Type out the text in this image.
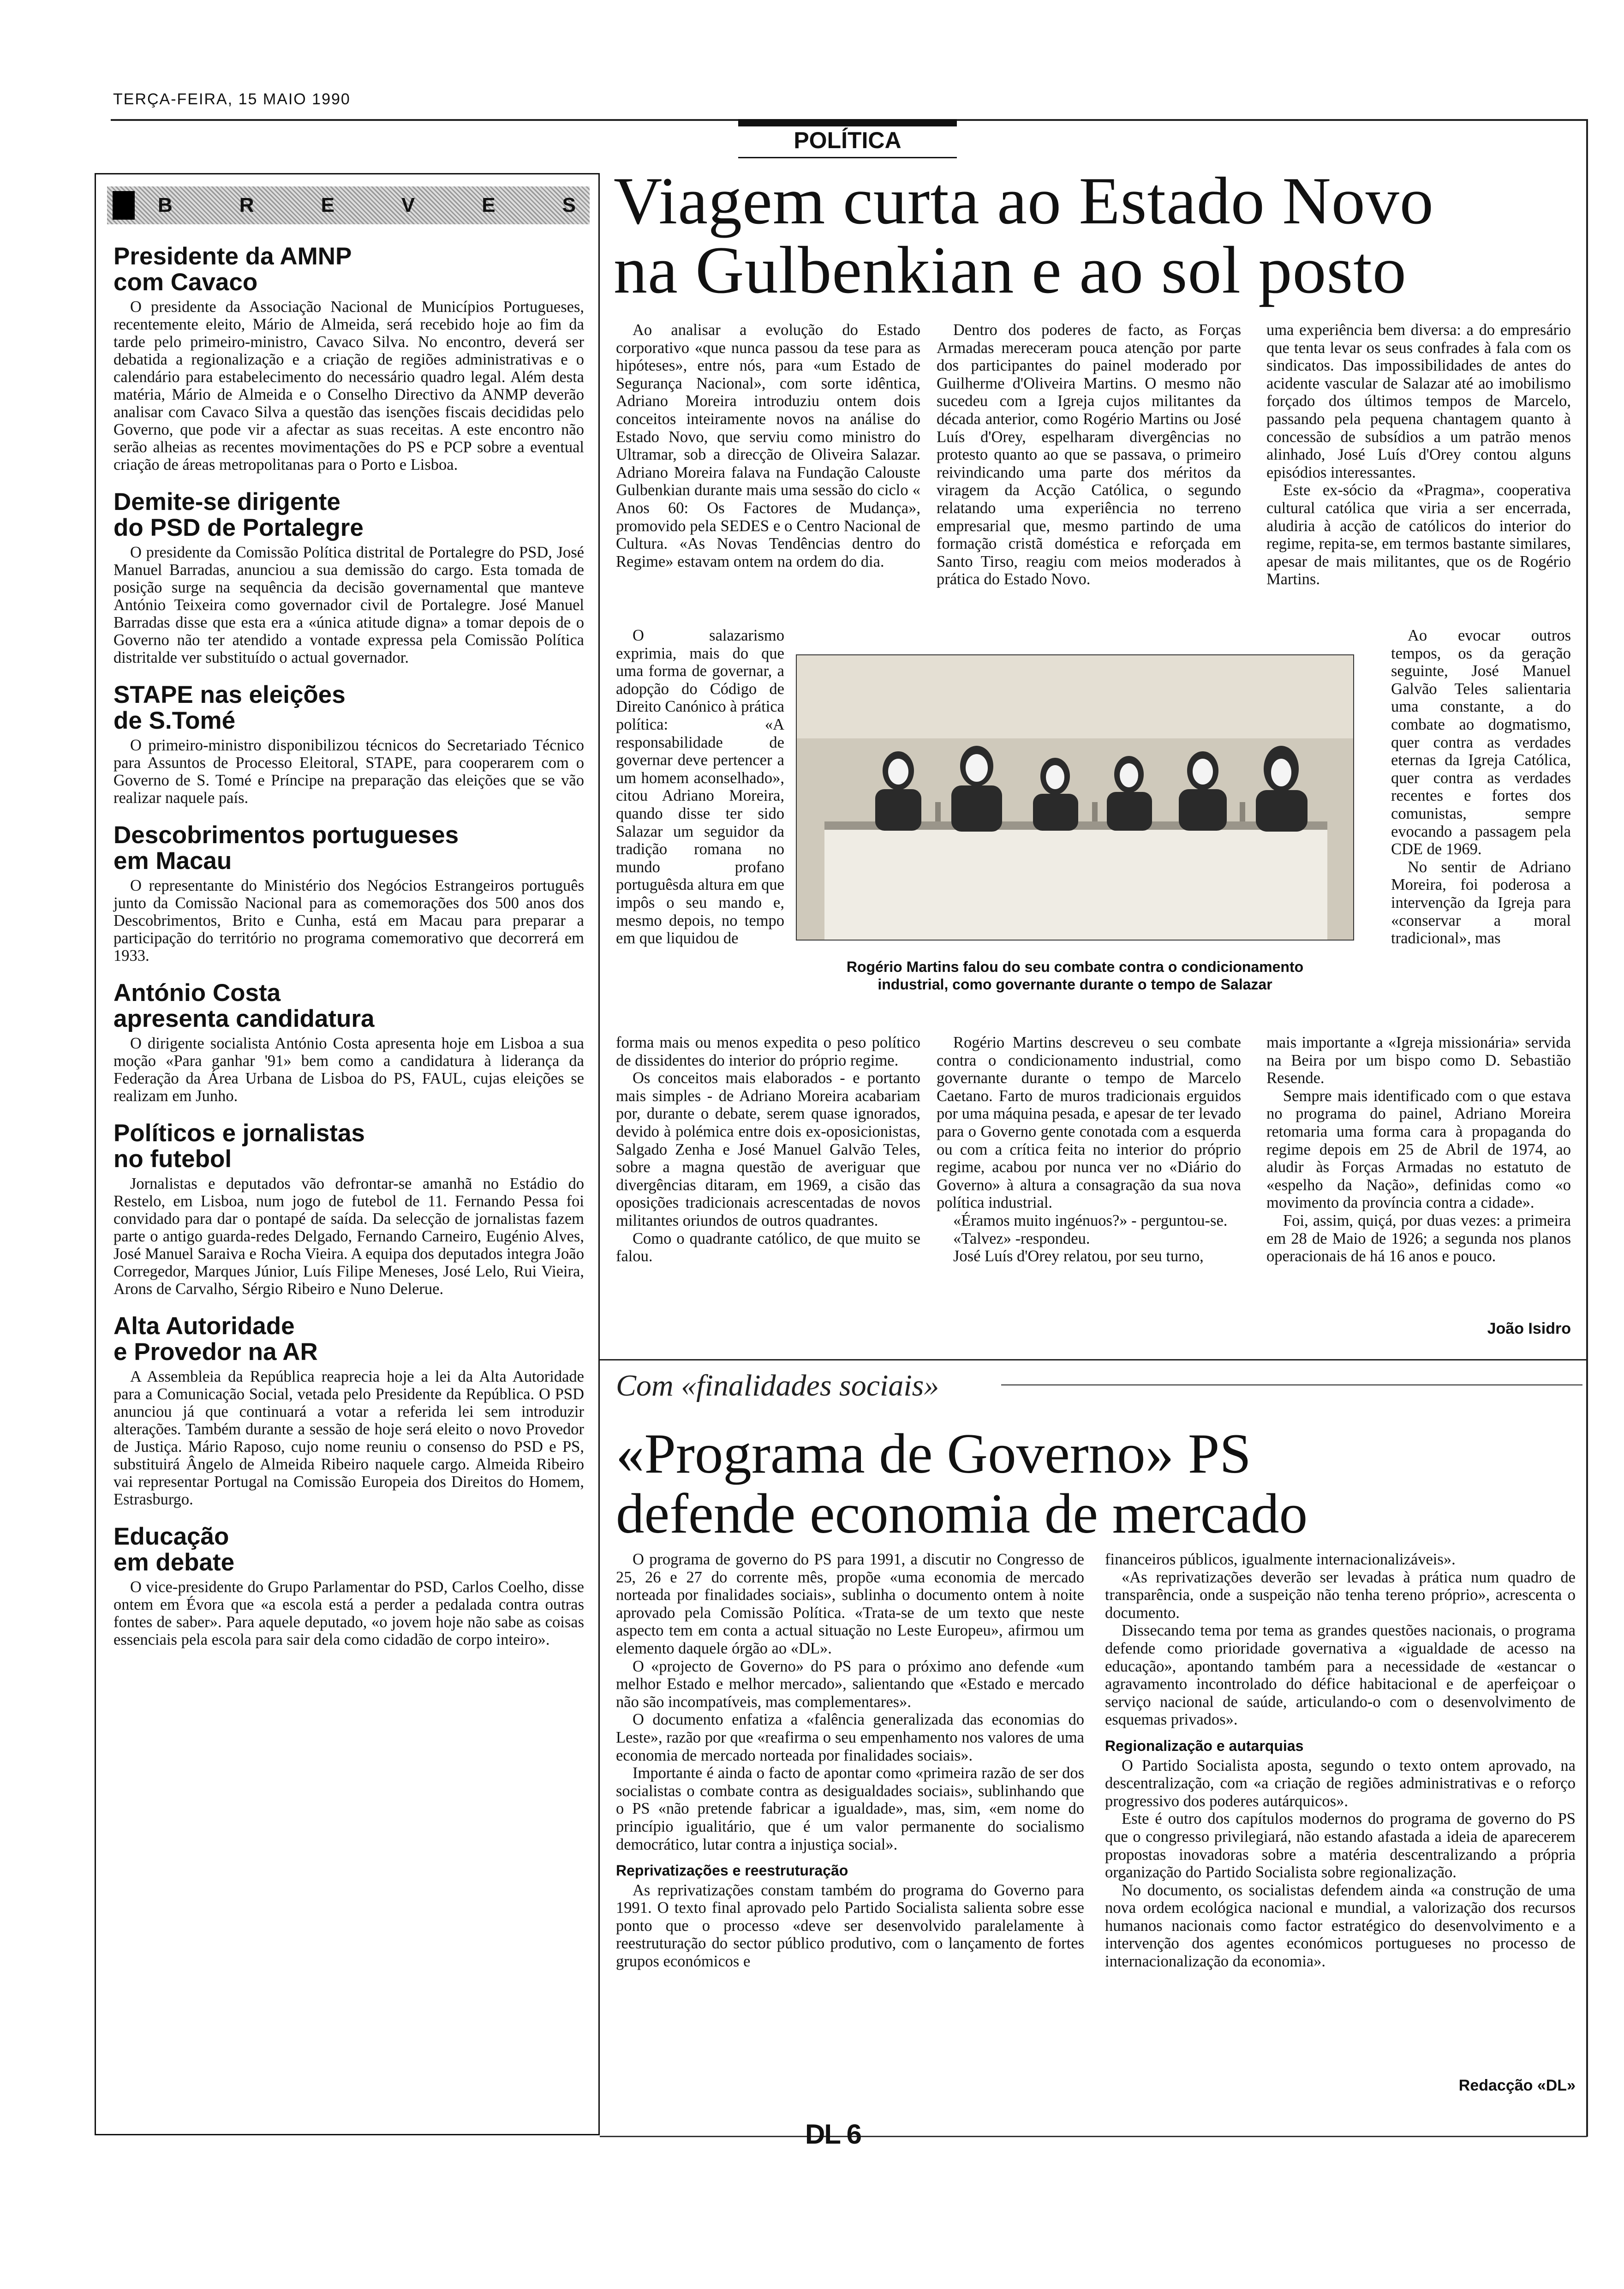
TERÇA-FEIRA, 15 MAIO 1990
POLÍTICA
B	R	E	V	E	S
Presidente da AMNP
com Cavaco

O presidente da Associação Nacional de Municípios Portugueses, recentemente eleito, Mário de Almeida, será recebido hoje ao fim da tarde pelo primeiro-ministro, Cavaco Silva. No encontro, deverá ser debatida a regionalização e a criação de regiões administrativas e o calendário para estabelecimento do necessário quadro legal. Além desta matéria, Mário de Almeida e o Conselho Directivo da ANMP deverão analisar com Cavaco Silva a questão das isenções fiscais decididas pelo Governo, que pode vir a afectar as suas receitas. A este encontro não serão alheias as recentes movimentações do PS e PCP sobre a eventual criação de áreas metropolitanas para o Porto e Lisboa.

Demite-se dirigente
do PSD de Portalegre

O presidente da Comissão Política distrital de Portalegre do PSD, José Manuel Barradas, anunciou a sua demissão do cargo. Esta tomada de posição surge na sequência da decisão governamental que manteve António Teixeira como governador civil de Portalegre. José Manuel Barradas disse que esta era a «única atitude digna» a tomar depois de o Governo não ter atendido a vontade expressa pela Comissão Política distritalde ver substituído o actual governador.

STAPE nas eleições
de S.Tomé

O primeiro-ministro disponibilizou técnicos do Secretariado Técnico para Assuntos de Processo Eleitoral, STAPE, para cooperarem com o Governo de S. Tomé e Príncipe na preparação das eleições que se vão realizar naquele país.

Descobrimentos portugueses
em Macau

O representante do Ministério dos Negócios Estrangeiros português junto da Comissão Nacional para as comemorações dos 500 anos dos Descobrimentos, Brito e Cunha, está em Macau para preparar a participação do território no programa comemorativo que decorrerá em 1933.

António Costa
apresenta candidatura

O dirigente socialista António Costa apresenta hoje em Lisboa a sua moção «Para ganhar '91» bem como a candidatura à liderança da Federação da Área Urbana de Lisboa do PS, FAUL, cujas eleições se realizam em Junho.

Políticos e jornalistas
no futebol

Jornalistas e deputados vão defrontar-se amanhã no Estádio do Restelo, em Lisboa, num jogo de futebol de 11. Fernando Pessa foi convidado para dar o pontapé de saída. Da selecção de jornalistas fazem parte o antigo guarda-redes Delgado, Fernando Carneiro, Eugénio Alves, José Manuel Saraiva e Rocha Vieira. A equipa dos deputados integra João Corregedor, Marques Júnior, Luís Filipe Meneses, José Lelo, Rui Vieira, Arons de Carvalho, Sérgio Ribeiro e Nuno Delerue.

Alta Autoridade
e Provedor na AR

A Assembleia da República reaprecia hoje a lei da Alta Autoridade para a Comunicação Social, vetada pelo Presidente da República. O PSD anunciou já que continuará a votar a referida lei sem introduzir alterações. Também durante a sessão de hoje será eleito o novo Provedor de Justiça. Mário Raposo, cujo nome reuniu o consenso do PSD e PS, substituirá Ângelo de Almeida Ribeiro naquele cargo. Almeida Ribeiro vai representar Portugal na Comissão Europeia dos Direitos do Homem, Estrasburgo.

Educação
em debate

O vice-presidente do Grupo Parlamentar do PSD, Carlos Coelho, disse ontem em Évora que «a escola está a perder a pedalada contra outras fontes de saber». Para aquele deputado, «o jovem hoje não sabe as coisas essenciais pela escola para sair dela como cidadão de corpo inteiro».

Viagem curta ao Estado Novo
na Gulbenkian e ao sol posto

Ao analisar a evolução do Estado corporativo «que nunca passou da tese para as hipóteses», entre nós, para «um Estado de Segurança Nacional», com sorte idêntica, Adriano Moreira introduziu ontem dois conceitos inteiramente novos na análise do Estado Novo, que serviu como ministro do Ultramar, sob a direcção de Oliveira Salazar. Adriano Moreira falava na Fundação Calouste Gulbenkian durante mais uma sessão do ciclo « Anos 60: Os Factores de Mudança», promovido pela SEDES e o Centro Nacional de Cultura. «As Novas Tendências dentro do Regime» estavam ontem na ordem do dia.

O salazarismo exprimia, mais do que uma forma de governar, a adopção do Código de Direito Canónico à prática política: «A responsabilidade de governar deve pertencer a um homem aconselhado», citou Adriano Moreira, quando disse ter sido Salazar um seguidor da tradição romana no mundo profano portuguêsda altura em que impôs o seu mando e, mesmo depois, no tempo em que liquidou de

forma mais ou menos expedita o peso político de dissidentes do interior do próprio regime.

Os conceitos mais elaborados - e portanto mais simples - de Adriano Moreira acabariam por, durante o debate, serem quase ignorados, devido à polémica entre dois ex-oposicionistas, Salgado Zenha e José Manuel Galvão Teles, sobre a magna questão de averiguar que divergências ditaram, em 1969, a cisão das oposições tradicionais acrescentadas de novos militantes oriundos de outros quadrantes.

Como o quadrante católico, de que muito se falou.

Dentro dos poderes de facto, as Forças Armadas mereceram pouca atenção por parte dos participantes do painel moderado por Guilherme d'Oliveira Martins. O mesmo não sucedeu com a Igreja cujos militantes da década anterior, como Rogério Martins ou José Luís d'Orey, espelharam divergências no protesto quanto ao que se passava, o primeiro reivindicando uma parte dos méritos da viragem da Acção Católica, o segundo relatando uma experiência no terreno empresarial que, mesmo partindo de uma formação cristã doméstica e reforçada em Santo Tirso, reagiu com meios moderados à prática do Estado Novo.

Rogério Martins descreveu o seu combate contra o condicionamento industrial, como governante durante o tempo de Marcelo Caetano. Farto de muros tradicionais erguidos por uma máquina pesada, e apesar de ter levado para o Governo gente conotada com a esquerda ou com a crítica feita no interior do próprio regime, acabou por nunca ver no «Diário do Governo» à altura a consagração da sua nova política industrial.

«Éramos muito ingénuos?» - perguntou-se.

«Talvez» -respondeu.

José Luís d'Orey relatou, por seu turno,

uma experiência bem diversa: a do empresário que tenta levar os seus confrades à fala com os sindicatos. Das impossibilidades de antes do acidente vascular de Salazar até ao imobilismo forçado dos últimos tempos de Marcelo, passando pela pequena chantagem quanto à concessão de subsídios a um patrão menos alinhado, José Luís d'Orey contou alguns episódios interessantes.

Este ex-sócio da «Pragma», cooperativa cultural católica que viria a ser encerrada, aludiria à acção de católicos do interior do regime, repita-se, em termos bastante similares, apesar de mais militantes, que os de Rogério Martins.

Ao evocar outros tempos, os da geração seguinte, José Manuel Galvão Teles salientaria uma constante, a do combate ao dogmatismo, quer contra as verdades eternas da Igreja Católica, quer contra as verdades recentes e fortes dos comunistas, sempre evocando a passagem pela CDE de 1969.

No sentir de Adriano Moreira, foi poderosa a intervenção da Igreja para «conservar a moral tradicional», mas

mais importante a «Igreja missionária» servida na Beira por um bispo como D. Sebastião Resende.

Sempre mais identificado com o que estava no programa do painel, Adriano Moreira retomaria uma forma cara à propaganda do regime depois em 25 de Abril de 1974, ao aludir às Forças Armadas no estatuto de «espelho da Nação», definidas como «o movimento da província contra a cidade».

Foi, assim, quiçá, por duas vezes: a primeira em 28 de Maio de 1926; a segunda nos planos operacionais de há 16 anos e pouco.

João Isidro
Rogério Martins falou do seu combate contra o condicionamento
industrial, como governante durante o tempo de Salazar
Com «finalidades sociais»
«Programa de Governo» PS
defende economia de mercado

O programa de governo do PS para 1991, a discutir no Congresso de 25, 26 e 27 do corrente mês, propõe «uma economia de mercado norteada por finalidades sociais», sublinha o documento ontem à noite aprovado pela Comissão Política. «Trata-se de um texto que neste aspecto tem em conta a actual situação no Leste Europeu», afirmou um elemento daquele órgão ao «DL».

O «projecto de Governo» do PS para o próximo ano defende «um melhor Estado e melhor mercado», salientando que «Estado e mercado não são incompatíveis, mas complementares».

O documento enfatiza a «falência generalizada das economias do Leste», razão por que «reafirma o seu empenhamento nos valores de uma economia de mercado norteada por finalidades sociais».

Importante é ainda o facto de apontar como «primeira razão de ser dos socialistas o combate contra as desigualdades sociais», sublinhando que o PS «não pretende fabricar a igualdade», mas, sim, «em nome do princípio igualitário, que é um valor permanente do socialismo democrático, lutar contra a injustiça social».

Reprivatizações e reestruturação

As reprivatizações constam também do programa do Governo para 1991. O texto final aprovado pelo Partido Socialista salienta sobre esse ponto que o processo «deve ser desenvolvido paralelamente à reestruturação do sector público produtivo, com o lançamento de fortes grupos económicos e

financeiros públicos, igualmente internacionalizáveis».

«As reprivatizações deverão ser levadas à prática num quadro de transparência, onde a suspeição não tenha tereno próprio», acrescenta o documento.

Dissecando tema por tema as grandes questões nacionais, o programa defende como prioridade governativa a «igualdade de acesso na educação», apontando também para a necessidade de «estancar o agravamento incontrolado do défice habitacional e de aperfeiçoar o serviço nacional de saúde, articulando-o com o desenvolvimento de esquemas privados».

Regionalização e autarquias

O Partido Socialista aposta, segundo o texto ontem aprovado, na descentralização, com «a criação de regiões administrativas e o reforço progressivo dos poderes autárquicos».

Este é outro dos capítulos modernos do programa de governo do PS que o congresso privilegiará, não estando afastada a ideia de aparecerem propostas inovadoras sobre a matéria descentralizando a própria organização do Partido Socialista sobre regionalização.

No documento, os socialistas defendem ainda «a construção de uma nova ordem ecológica nacional e mundial, a valorização dos recursos humanos nacionais como factor estratégico do desenvolvimento e a intervenção dos agentes económicos portugueses no processo de internacionalização da economia».

Redacção «DL»
DL 6
